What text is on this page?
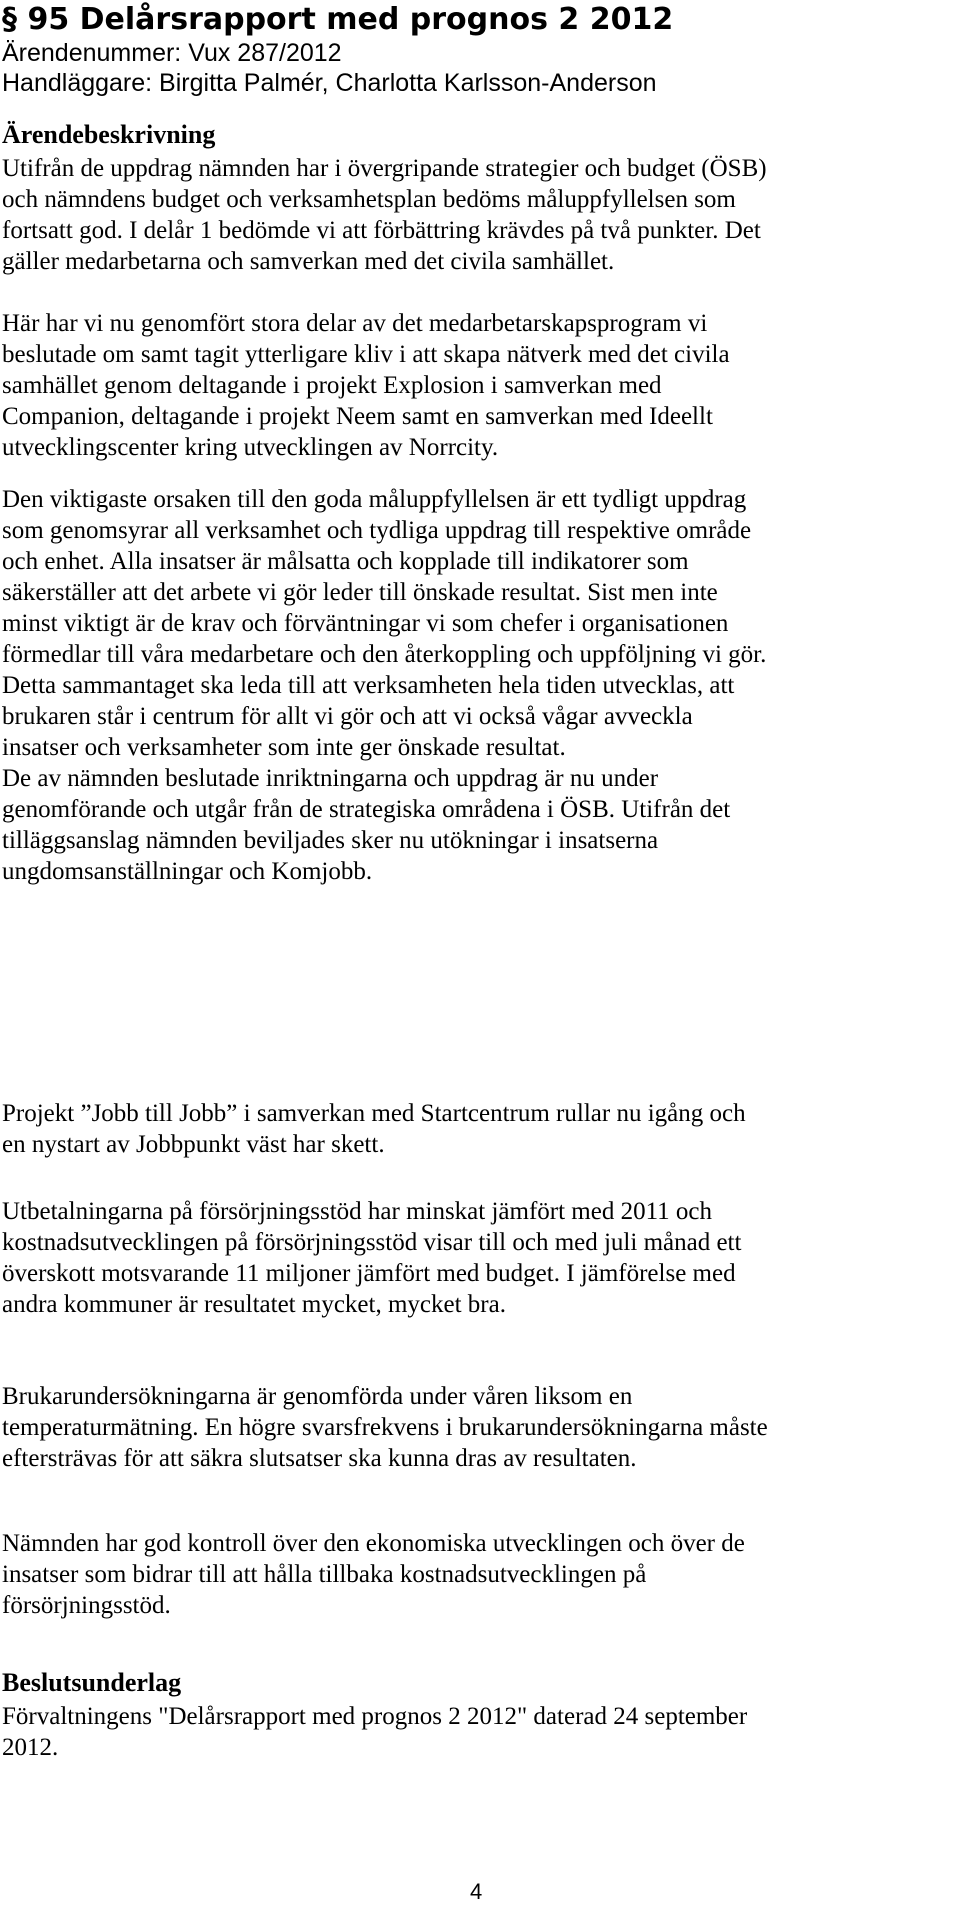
§ 95 Delårsrapport med prognos 2 2012
Ärendenummer: Vux 287/2012
Handläggare: Birgitta Palmér, Charlotta Karlsson-Anderson
Ärendebeskrivning
Utifrån de uppdrag nämnden har i övergripande strategier och budget (ÖSB)
och nämndens budget och verksamhetsplan bedöms måluppfyllelsen som
fortsatt god. I delår 1 bedömde vi att förbättring krävdes på två punkter. Det
gäller medarbetarna och samverkan med det civila samhället.
Här har vi nu genomfört stora delar av det medarbetarskapsprogram vi
beslutade om samt tagit ytterligare kliv i att skapa nätverk med det civila
samhället genom deltagande i projekt Explosion i samverkan med
Companion, deltagande i projekt Neem samt en samverkan med Ideellt
utvecklingscenter kring utvecklingen av Norrcity.
Den viktigaste orsaken till den goda måluppfyllelsen är ett tydligt uppdrag
som genomsyrar all verksamhet och tydliga uppdrag till respektive område
och enhet. Alla insatser är målsatta och kopplade till indikatorer som
säkerställer att det arbete vi gör leder till önskade resultat. Sist men inte
minst viktigt är de krav och förväntningar vi som chefer i organisationen
förmedlar till våra medarbetare och den återkoppling och uppföljning vi gör.
Detta sammantaget ska leda till att verksamheten hela tiden utvecklas, att
brukaren står i centrum för allt vi gör och att vi också vågar avveckla
insatser och verksamheter som inte ger önskade resultat.
De av nämnden beslutade inriktningarna och uppdrag är nu under
genomförande och utgår från de strategiska områdena i ÖSB. Utifrån det
tilläggsanslag nämnden beviljades sker nu utökningar i insatserna
ungdomsanställningar och Komjobb.
Projekt ”Jobb till Jobb” i samverkan med Startcentrum rullar nu igång och
en nystart av Jobbpunkt väst har skett.
Utbetalningarna på försörjningsstöd har minskat jämfört med 2011 och
kostnadsutvecklingen på försörjningsstöd visar till och med juli månad ett
överskott motsvarande 11 miljoner jämfört med budget. I jämförelse med
andra kommuner är resultatet mycket, mycket bra.
Brukarundersökningarna är genomförda under våren liksom en
temperaturmätning. En högre svarsfrekvens i brukarundersökningarna måste
eftersträvas för att säkra slutsatser ska kunna dras av resultaten.
Nämnden har god kontroll över den ekonomiska utvecklingen och över de
insatser som bidrar till att hålla tillbaka kostnadsutvecklingen på
försörjningsstöd.
Beslutsunderlag
Förvaltningens "Delårsrapport med prognos 2 2012" daterad 24 september
2012.
4
